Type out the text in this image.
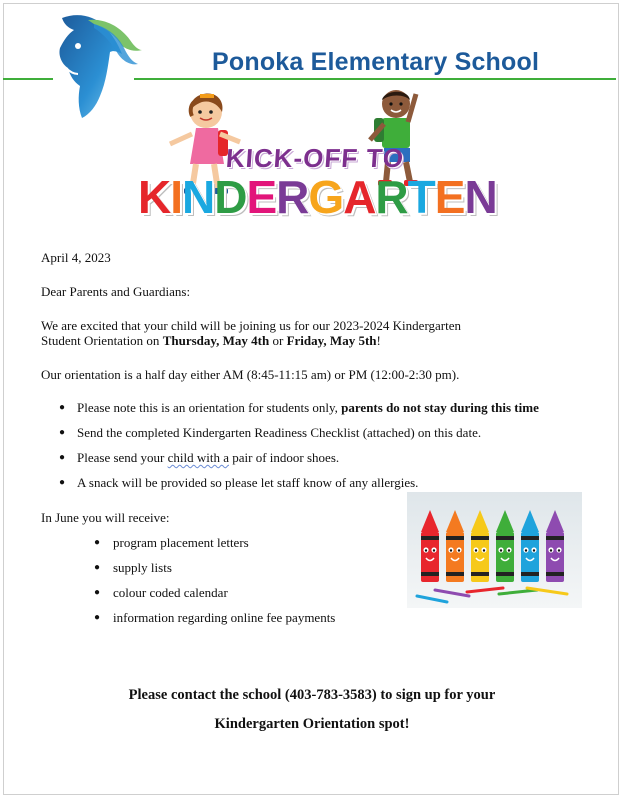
Ponoka Elementary School
KICK-OFF TO
KINDERGARTEN
April 4, 2023
Dear Parents and Guardians:
We are excited that your child will be joining us for our 2023-2024 Kindergarten
Student Orientation on Thursday, May 4th or Friday, May 5th!
Our orientation is a half day either AM (8:45-11:15 am) or PM (12:00-2:30 pm).
● Please note this is an orientation for students only, parents do not stay during this time
● Send the completed Kindergarten Readiness Checklist (attached) on this date.
● Please send your child with a pair of indoor shoes.
● A snack will be provided so please let staff know of any allergies.
In June you will receive:
● program placement letters
● supply lists
● colour coded calendar
● information regarding online fee payments
Please contact the school (403-783-3583) to sign up for your
Kindergarten Orientation spot!
